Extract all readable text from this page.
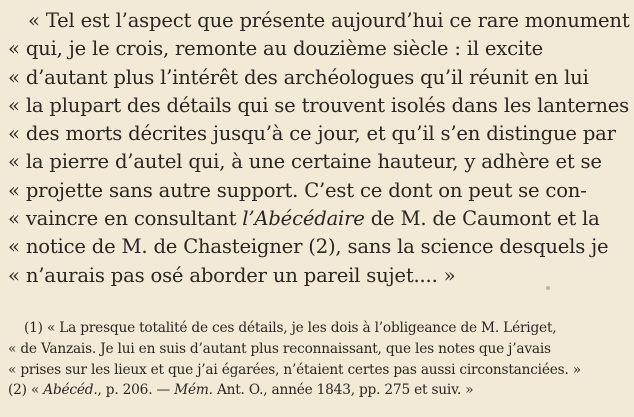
« Tel est l’aspect que présente aujourd’hui ce rare monument
« qui, je le crois, remonte au douzième siècle : il excite
« d’autant plus l’intérêt des archéologues qu’il réunit en lui
« la plupart des détails qui se trouvent isolés dans les lanternes
« des morts décrites jusqu’à ce jour, et qu’il s’en distingue par
« la pierre d’autel qui, à une certaine hauteur, y adhère et se
« projette sans autre support. C’est ce dont on peut se con-
« vaincre en consultant l’Abécédaire de M. de Caumont et la
« notice de M. de Chasteigner (2), sans la science desquels je
« n’aurais pas osé aborder un pareil sujet.... »
(1) « La presque totalité de ces détails, je les dois à l’obligeance de M. Lériget,
« de Vanzais. Je lui en suis d’autant plus reconnaissant, que les notes que j’avais
« prises sur les lieux et que j’ai égarées, n’étaient certes pas aussi circonstanciées. »
(2) « Abécéd., p. 206. — Mém. Ant. O., année 1843, pp. 275 et suiv. »
